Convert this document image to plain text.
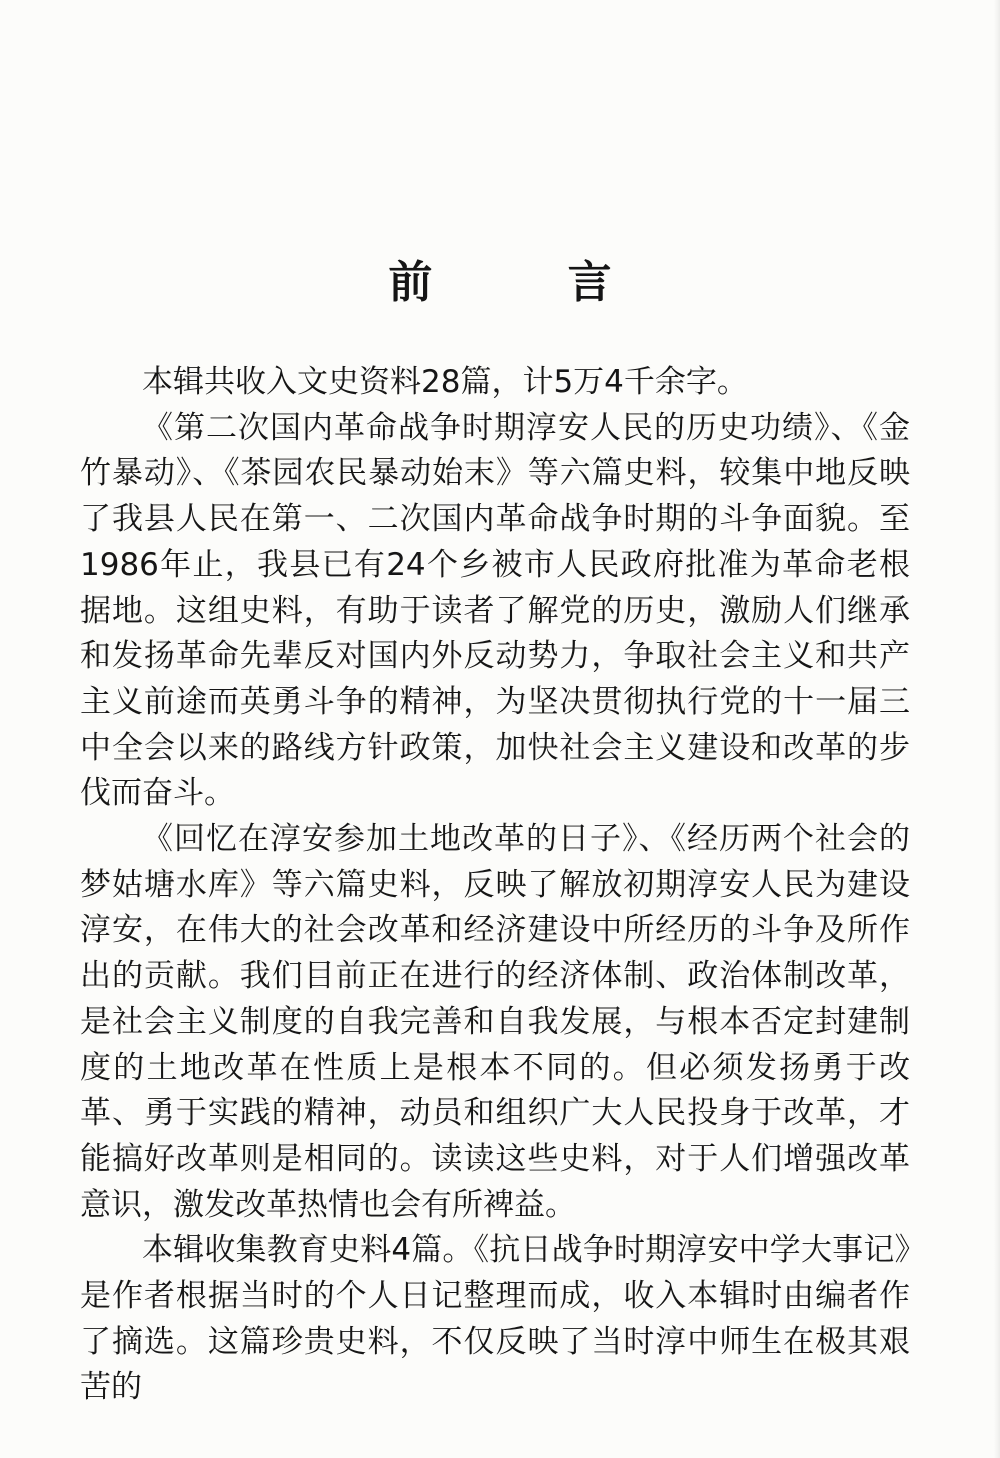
前 言

本辑共收入文史资料28篇，计5万4千余字。

《第二次国内革命战争时期淳安人民的历史功绩》、《金竹暴动》、《茶园农民暴动始末》等六篇史料，较集中地反映了我县人民在第一、二次国内革命战争时期的斗争面貌。至1986年止，我县已有24个乡被市人民政府批准为革命老根据地。这组史料，有助于读者了解党的历史，激励人们继承和发扬革命先辈反对国内外反动势力，争取社会主义和共产主义前途而英勇斗争的精神，为坚决贯彻执行党的十一届三中全会以来的路线方针政策，加快社会主义建设和改革的步伐而奋斗。

《回忆在淳安参加土地改革的日子》、《经历两个社会的梦姑塘水库》等六篇史料，反映了解放初期淳安人民为建设淳安，在伟大的社会改革和经济建设中所经历的斗争及所作出的贡献。我们目前正在进行的经济体制、政治体制改革，是社会主义制度的自我完善和自我发展，与根本否定封建制度的土地改革在性质上是根本不同的。但必须发扬勇于改革、勇于实践的精神，动员和组织广大人民投身于改革，才能搞好改革则是相同的。读读这些史料，对于人们增强改革意识，激发改革热情也会有所裨益。

本辑收集教育史料4篇。《抗日战争时期淳安中学大事记》是作者根据当时的个人日记整理而成，收入本辑时由编者作了摘选。这篇珍贵史料，不仅反映了当时淳中师生在极其艰苦的
